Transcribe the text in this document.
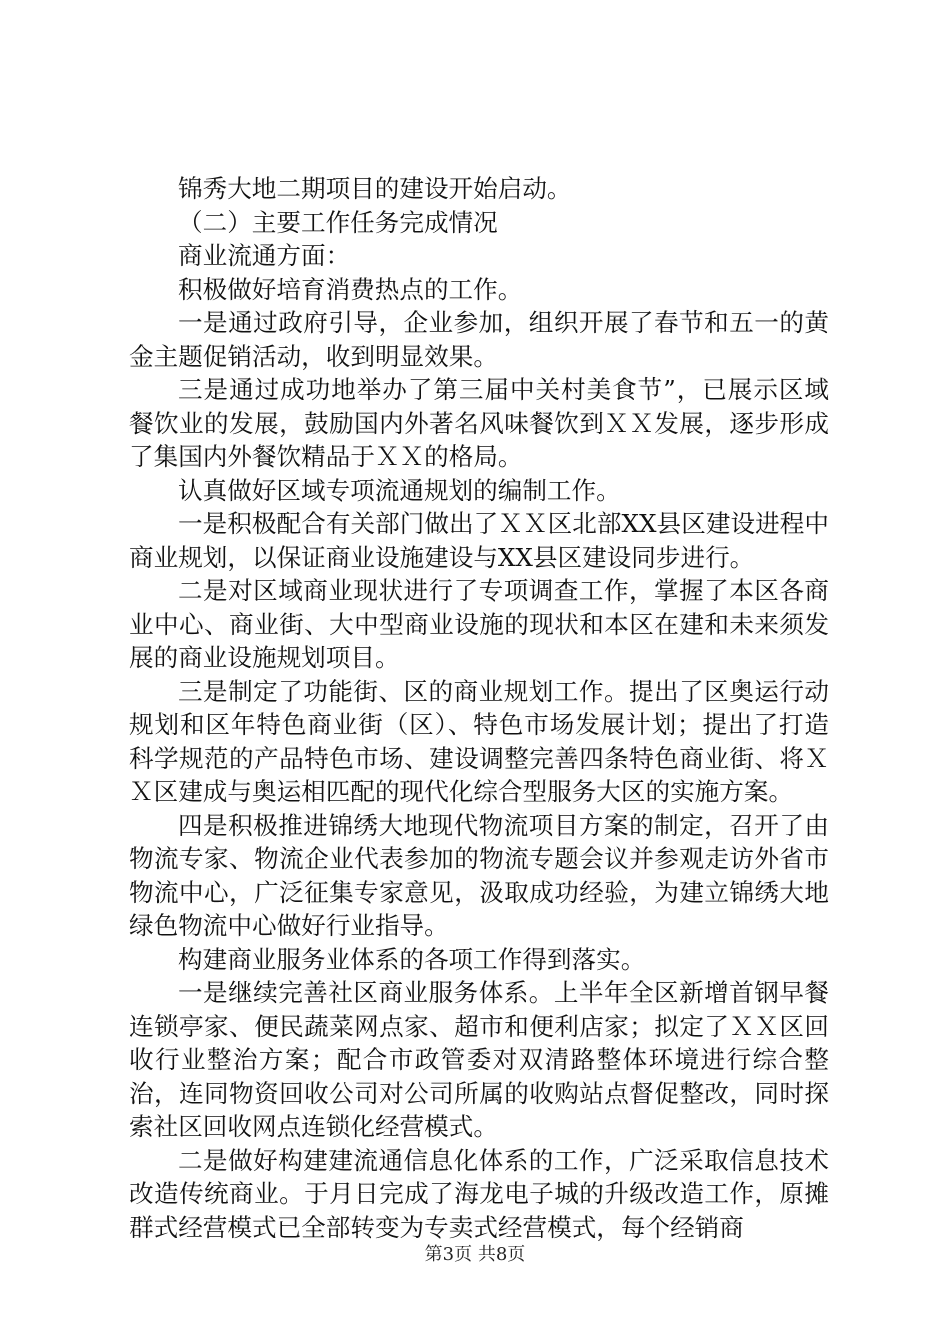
锦秀大地二期项目的建设开始启动。

（二）主要工作任务完成情况

商业流通方面：

积极做好培育消费热点的工作。

一是通过政府引导，企业参加，组织开展了春节和五一的黄金主题促销活动，收到明显效果。

三是通过成功地举办了第三届中关村美食节”，已展示区域餐饮业的发展，鼓励国内外著名风味餐饮到ＸＸ发展，逐步形成了集国内外餐饮精品于ＸＸ的格局。

认真做好区域专项流通规划的编制工作。

一是积极配合有关部门做出了ＸＸ区北部XX县区建设进程中商业规划，以保证商业设施建设与XX县区建设同步进行。

二是对区域商业现状进行了专项调查工作，掌握了本区各商业中心、商业街、大中型商业设施的现状和本区在建和未来须发展的商业设施规划项目。

三是制定了功能街、区的商业规划工作。提出了区奥运行动规划和区年特色商业街（区）、特色市场发展计划；提出了打造科学规范的产品特色市场、建设调整完善四条特色商业街、将ＸＸ区建成与奥运相匹配的现代化综合型服务大区的实施方案。

四是积极推进锦绣大地现代物流项目方案的制定，召开了由物流专家、物流企业代表参加的物流专题会议并参观走访外省市物流中心，广泛征集专家意见，汲取成功经验，为建立锦绣大地绿色物流中心做好行业指导。

构建商业服务业体系的各项工作得到落实。

一是继续完善社区商业服务体系。上半年全区新增首钢早餐连锁亭家、便民蔬菜网点家、超市和便利店家；拟定了ＸＸ区回收行业整治方案；配合市政管委对双清路整体环境进行综合整治，连同物资回收公司对公司所属的收购站点督促整改，同时探索社区回收网点连锁化经营模式。

二是做好构建建流通信息化体系的工作，广泛采取信息技术改造传统商业。于月日完成了海龙电子城的升级改造工作，原摊群式经营模式已全部转变为专卖式经营模式，每个经销商

第3页 共8页
